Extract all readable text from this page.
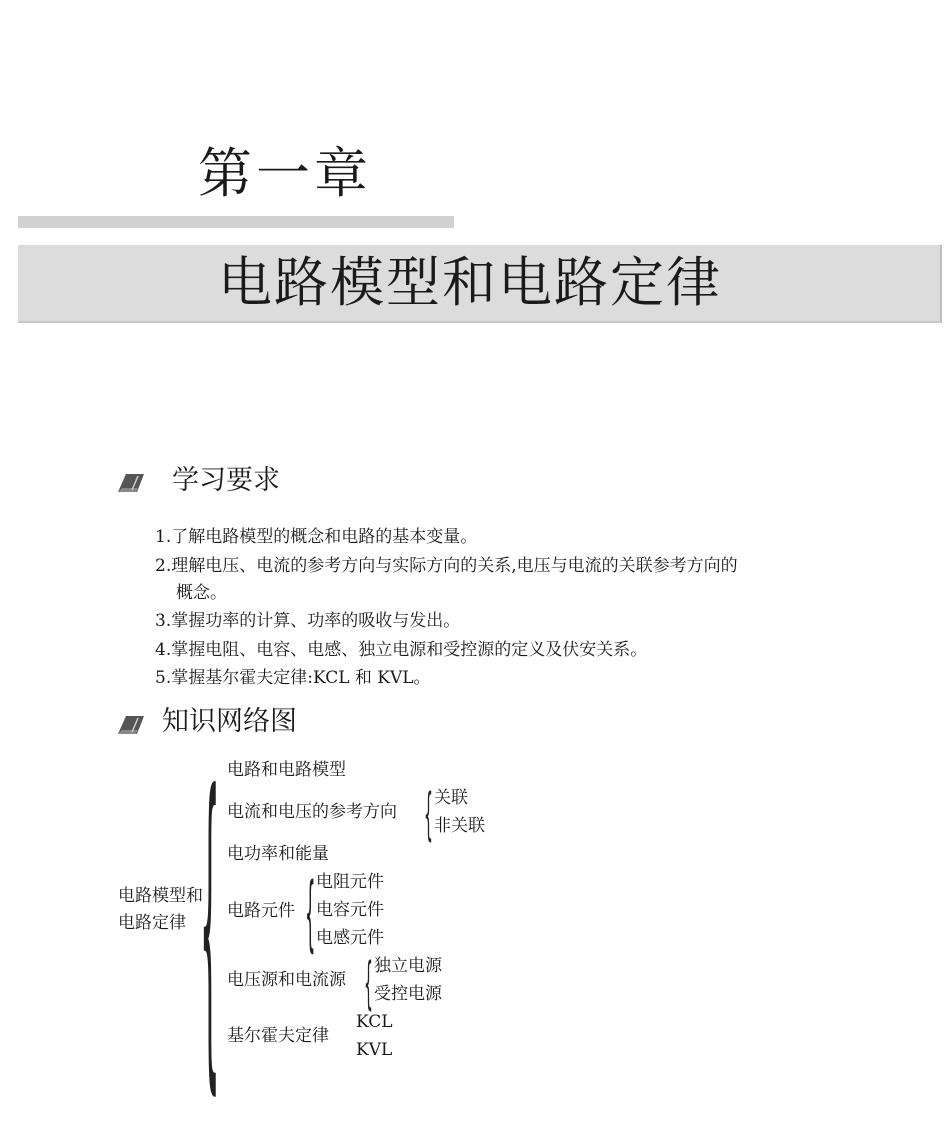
第一章
电路模型和电路定律
学习要求
1.了解电路模型的概念和电路的基本变量。
2.理解电压、电流的参考方向与实际方向的关系,电压与电流的关联参考方向的
概念。
3.掌握功率的计算、功率的吸收与发出。
4.掌握电阻、电容、电感、独立电源和受控源的定义及伏安关系。
5.掌握基尔霍夫定律:KCL 和 KVL。
知识网络图
电路模型和
电路定律 { 电路和电路模型
电流和电压的参考方向 { 关联
非关联
电功率和能量
电路元件 { 电阻元件
电容元件
电感元件
电压源和电流源 { 独立电源
受控电源
基尔霍夫定律
KCL
KVL
